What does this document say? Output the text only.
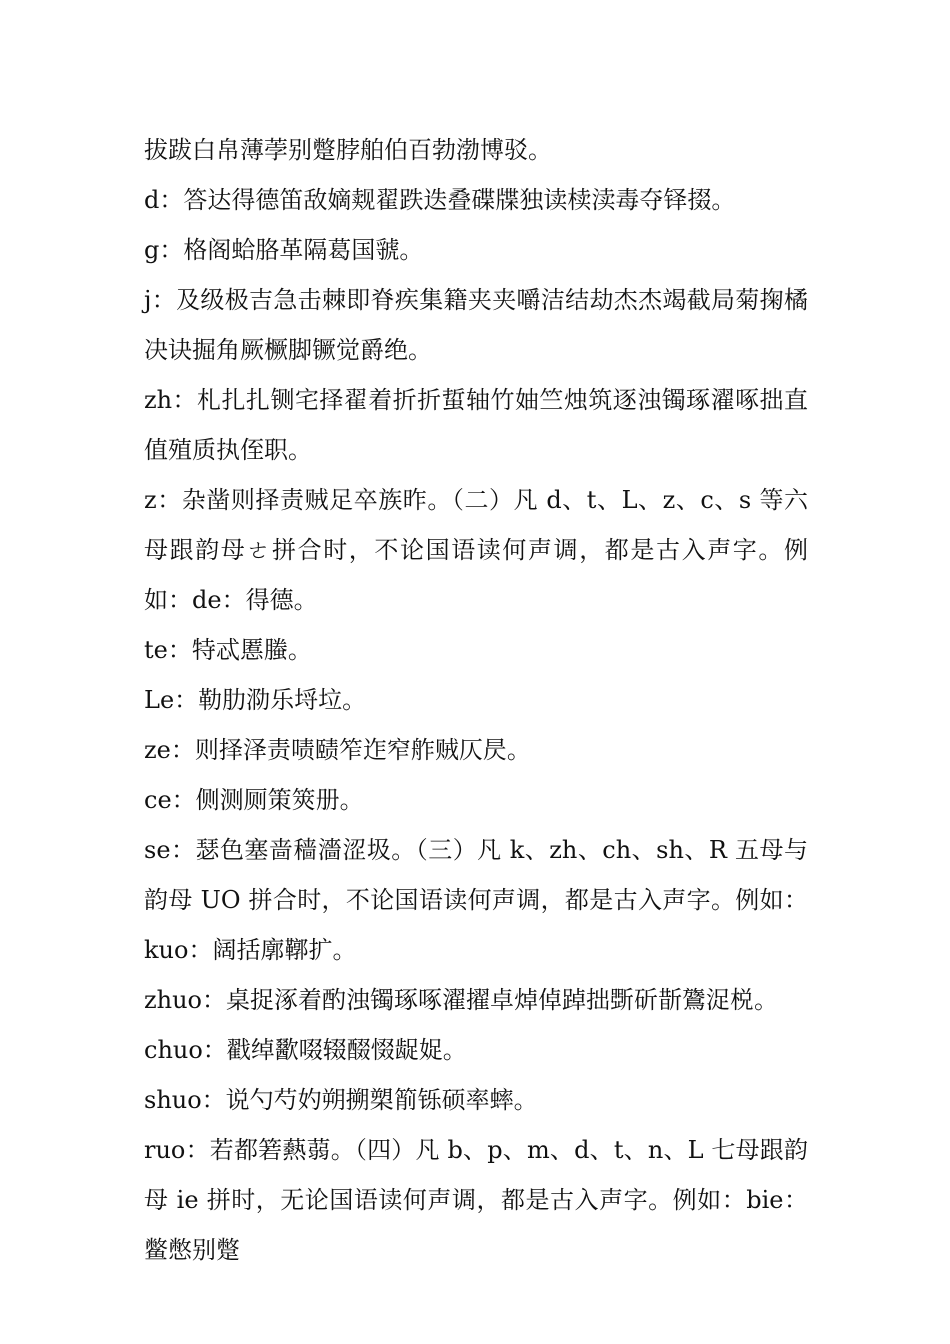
拔跋白帛薄荸别蹩脖舶伯百勃渤博驳。

d：答达得德笛敌嫡觌翟跌迭叠碟牒独读椟渎毒夺铎掇。

g：格阁蛤胳革隔葛国虢。

j：及级极吉急击棘即脊疾集籍夹夹嚼洁结劫杰杰竭截局菊掬橘决诀掘角厥橛脚镢觉爵绝。

zh：札扎扎铡宅择翟着折折蜇轴竹妯竺烛筑逐浊镯琢濯啄拙直值殖质执侄职。

z：杂凿则择责贼足卒族昨。（二）凡 d、t、L、z、c、s 等六母跟韵母ㄜ拼合时，不论国语读何声调，都是古入声字。例如：de：得德。

te：特忒慝螣。

Le：勒肋泐乐埒垃。

ze：则择泽责啧赜笮迮窄舴贼仄昃。

ce：侧测厕策筴册。

se：瑟色塞啬穑濇涩圾。（三）凡 k、zh、ch、sh、R 五母与韵母 UO 拼合时，不论国语读何声调，都是古入声字。例如：kuo：阔括廓鞹扩。

zhuo：桌捉涿着酌浊镯琢啄濯擢卓焯倬踔拙斲斫斮鷟浞棁。

chuo：戳绰歠啜辍醊惙龊娖。

shuo：说勺芍妁朔搠槊箾铄硕率蟀。

ruo：若都箬爇蒻。（四）凡 b、p、m、d、t、n、L 七母跟韵母 ie 拼时，无论国语读何声调，都是古入声字。例如：bie：鳖憋别蹩
